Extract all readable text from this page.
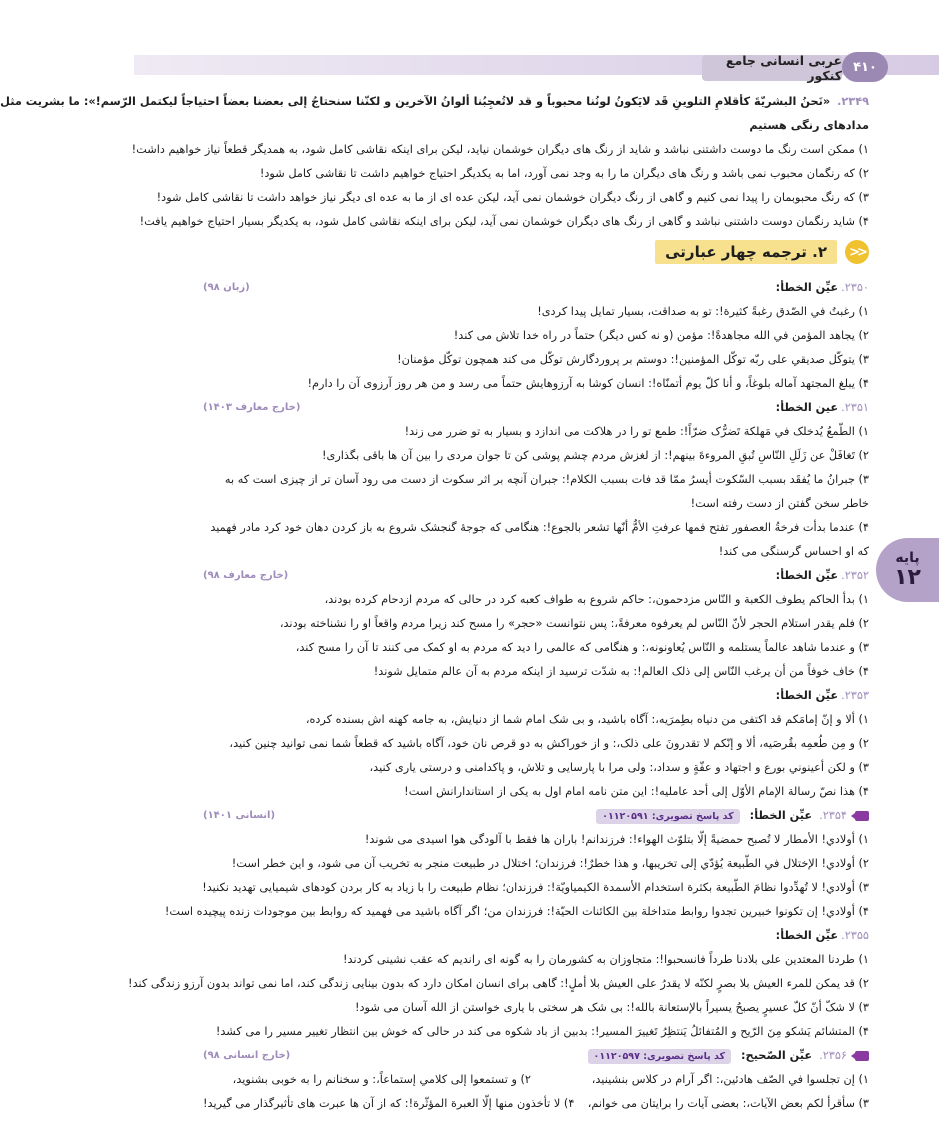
عربی انسانی جامع کنکور
۴۱۰
پایه
۱۲
۲۳۴۹. «نَحنُ البشريّةَ كأقلامِ التلوينِ قَد لايَكونُ لونُنا محبوباً و قد لاتُعجِبُنا ألوانُ الآخرين و لكنّنا سنحتاجُ إلى بعضنا بعضاً احتياجاً ليكتمل الرّسم!»: ما بشريت مثل
مدادهای رنگی هستیم
۱) ممکن است رنگ ما دوست داشتنی نباشد و شاید از رنگ های دیگران خوشمان نیاید، لیکن برای اینکه نقاشی کامل شود، به همدیگر قطعاً نیاز خواهیم داشت!
۲) که رنگمان محبوب نمی باشد و رنگ های دیگران ما را به وجد نمی آورد، اما به یکدیگر احتیاج خواهیم داشت تا نقاشی کامل شود!
۳) که رنگ محبوبمان را پیدا نمی کنیم و گاهی از رنگ دیگران خوشمان نمی آید، لیکن عده ای از ما به عده ای دیگر نیاز خواهد داشت تا نقاشی کامل شود!
۴) شاید رنگمان دوست داشتنی نباشد و گاهی از رنگ های دیگران خوشمان نمی آید، لیکن برای اینکه نقاشی کامل شود، به یکدیگر بسیار احتیاج خواهیم یافت!
<<
۲. ترجمه چهار عبارتی
۲۳۵۰.عيِّن الخطأ:
(زبان ۹۸)
۱) رغبتُ في الصّدق رغبةً كثيرة!: تو به صداقت، بسيار تمايل پيدا كردی!
۲) يجاهد المؤمن في الله مجاهدةً!: مؤمن (و نه كس ديگر) حتماً در راه خدا تلاش می كند!
۳) يتوكّل صديقي على ربّه توكّل المؤمنين!: دوستم بر پروردگارش توكّل می كند همچون توكّل مؤمنان!
۴) يبلغ المجتهد آماله بلوغاً، و أنا كلّ يوم أتمنّاه!: انسان كوشا به آرزوهايش حتماً می رسد و من هر روز آرزوی آن را دارم!
۲۳۵۱.عين الخطأ:
(خارج معارف ۱۴۰۳)
۱) الطّمعُ يُدخلک في مَهلكة تَضرُّک ضرّاً!: طمع تو را در هلاكت می اندازد و بسيار به تو ضرر می زند!
۲) تَغافَلْ عن زَلَلِ النّاسِ تُبقِ المروءةَ بينهم!: از لغزش مردم چشم پوشی كن تا جوان مردی را بين آن ها باقی بگذاری!
۳) جبرانُ ما يُفقَد بسبب السّكوت أيسرُ ممّا قد فات بسبب الكلام!: جبران آنچه بر اثر سكوت از دست می رود آسان تر از چيزی است كه به خاطر سخن گفتن از دست رفته است!
۴) عندما بدأت فرخةُ العصفور تفتح فمها عرفتِ الأمُّ أنّها تشعر بالجوع!: هنگامی كه جوجهٔ گنجشک شروع به باز كردن دهان خود كرد مادر فهميد كه او احساس گرسنگی می كند!
۲۳۵۲.عيِّن الخطأ:
(خارج معارف ۹۸)
۱) بدأ الحاكم يطوف الكعبة و النّاس مزدحمون،: حاكم شروع به طواف كعبه كرد در حالی كه مردم ازدحام كرده بودند،
۲) فلم يقدر استلام الحجر لأنّ النّاس لم يعرفوه معرفةً،: پس نتوانست «حجر» را مسح كند زيرا مردم واقعاً او را نشناخته بودند،
۳) و عندما شاهد عالماً يستلمه و النّاس يُعاونونه،: و هنگامی كه عالمی را ديد كه مردم به او كمک می كنند تا آن را مسح كند،
۴) خاف خوفاً من أن يرغب النّاس إلى ذلک العالم!: به شدّت ترسيد از اينكه مردم به آن عالم متمايل شوند!
۲۳۵۳.عيِّن الخطأ:
۱) ألا و إنّ إمامَكم قد اكتفى من دنياه بطِمرَيه،: آگاه باشيد، و بی شک امام شما از دنيايش، به جامه كهنه اش بسنده كرده،
۲) و مِن طُعمِه بقُرصَيه، ألا و إنّكم لا تقدرونَ على ذلک،: و از خوراكش به دو قرص نان خود، آگاه باشيد كه قطعاً شما نمی توانيد چنين كنيد،
۳) و لكن أعينوني بورع و اجتهاد و عفّةٍ و سداد،: ولی مرا با پارسايی و تلاش، و پاكدامنی و درستی ياری كنيد،
۴) هذا نصّ رسالة الإمام الأوّل إلى أحد عامليه!: اين متن نامه امام اول به يكی از استاندارانش است!
۲۳۵۴.
عيِّن الخطأ:
كد پاسخ تصويری: ۰۱۱۲۰۵۹۱
(انسانی ۱۴۰۱)
۱) أولادي! الأمطار لا تُصبح حمضيةً إلّا بتلوّث الهواء!: فرزندانم! باران ها فقط با آلودگی هوا اسيدی می شوند!
۲) أولادي! الإختلال في الطّبيعة يُؤدّي إلى تخريبها، و هذا خطرٌ!: فرزندان؛ اختلال در طبيعت منجر به تخريب آن می شود، و اين خطر است!
۳) أولادي! لا تُهدِّدوا نظامَ الطّبيعة بكثرة استخدام الأسمدة الكيمياويّة!: فرزندان؛ نظام طبيعت را با زياد به كار بردن كودهای شيميايی تهديد نكنيد!
۴) أولادي! إن تكونوا خبيرين تجدوا روابط متداخلة بين الكائنات الحيّة!: فرزندان من؛ اگر آگاه باشيد می فهميد كه روابط بين موجودات زنده پيچيده است!
۲۳۵۵.عيِّن الخطأ:
۱) طردنا المعتدين على بلادنا طرداً فانسحبوا!: متجاوزان به كشورمان را به گونه ای رانديم كه عقب نشينی كردند!
۲) قد يمكن للمرء العيش بلا بصرٍ لكنّه لا يقدرُ على العيش بلا أملٍ!: گاهی برای انسان امكان دارد كه بدون بينايی زندگی كند، اما نمی تواند بدون آرزو زندگی كند!
۳) لا شکّ أنّ كلّ عسيرٍ يصبحُ يسيراً بالإستعانة بالله!: بی شک هر سختی با ياری خواستن از الله آسان می شود!
۴) المتشائم يَشكو مِنَ الرّيح و المُتفائلُ يَنتظِرُ تَغييرَ المسير!: بدبين از باد شكوه می كند در حالی كه خوش بين انتظار تغيير مسير را می كشد!
۲۳۵۶.
عيِّن الصّحيح:
كد پاسخ تصويری: ۰۱۱۲۰۵۹۷
(خارج انسانی ۹۸)
۱) إن تجلسوا في الصّف هادئين،: اگر آرام در كلاس بنشينيد،
۲) و تستمعوا إلى كلامي إستماعاً،: و سخنانم را به خوبی بشنويد،
۳) سأقرأ لكم بعض الآيات،: بعضی آيات را برايتان می خوانم،
۴) لا تأخذون منها إلّا العبرة المؤثّرة!: كه از آن ها عبرت های تأثيرگذار می گيريد!
